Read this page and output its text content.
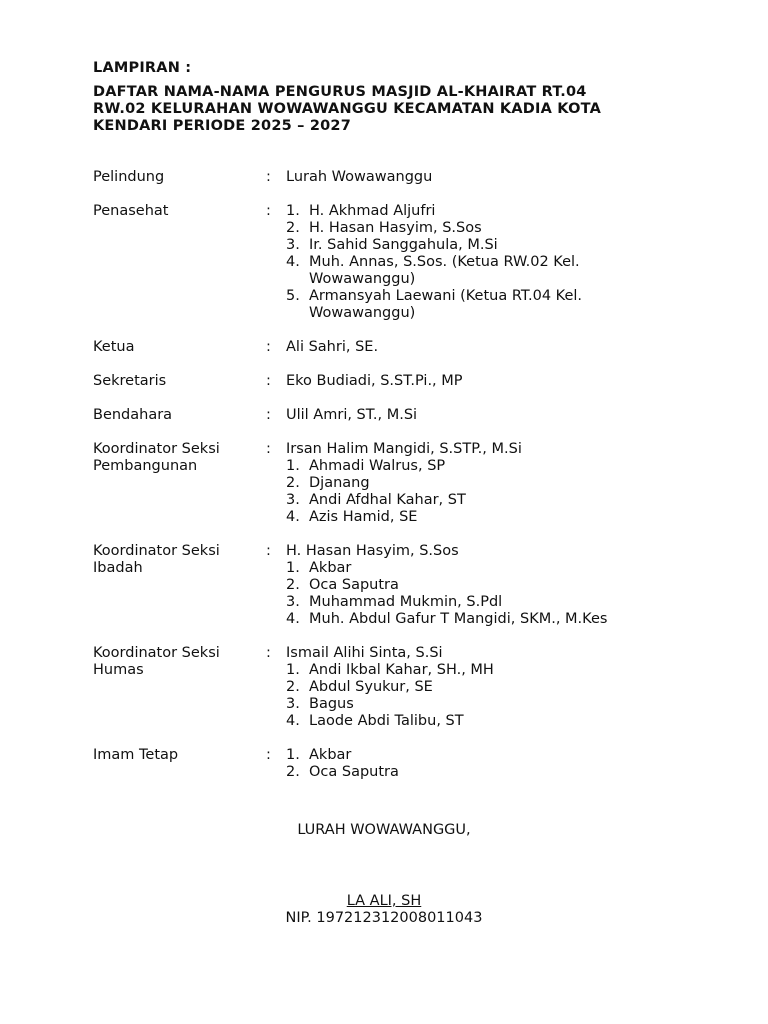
LAMPIRAN :
DAFTAR NAMA-NAMA PENGURUS MASJID AL-KHAIRAT RT.04
RW.02 KELURAHAN WOWAWANGGU KECAMATAN KADIA KOTA
KENDARI PERIODE 2025 – 2027
Pelindung	:	Lurah Wowawanggu
Penasehat	:	1. H. Akhmad Aljufri
2. H. Hasan Hasyim, S.Sos
3. Ir. Sahid Sanggahula, M.Si
4. Muh. Annas, S.Sos. (Ketua RW.02 Kel.
Wowawanggu)
5. Armansyah Laewani (Ketua RT.04 Kel.
Wowawanggu)
Ketua	:	Ali Sahri, SE.
Sekretaris	:	Eko Budiadi, S.ST.Pi., MP
Bendahara	:	Ulil Amri, ST., M.Si
Koordinator Seksi
Pembangunan
:	Irsan Halim Mangidi, S.STP., M.Si
1. Ahmadi Walrus, SP
2. Djanang
3. Andi Afdhal Kahar, ST
4. Azis Hamid, SE
Koordinator Seksi
Ibadah
:	H. Hasan Hasyim, S.Sos
1. Akbar
2. Oca Saputra
3. Muhammad Mukmin, S.Pdl
4. Muh. Abdul Gafur T Mangidi, SKM., M.Kes
Koordinator Seksi
Humas
:	Ismail Alihi Sinta, S.Si
1. Andi Ikbal Kahar, SH., MH
2. Abdul Syukur, SE
3. Bagus
4. Laode Abdi Talibu, ST
Imam Tetap	:	1. Akbar
2. Oca Saputra
LURAH WOWAWANGGU,
LA ALI, SH
NIP. 197212312008011043
